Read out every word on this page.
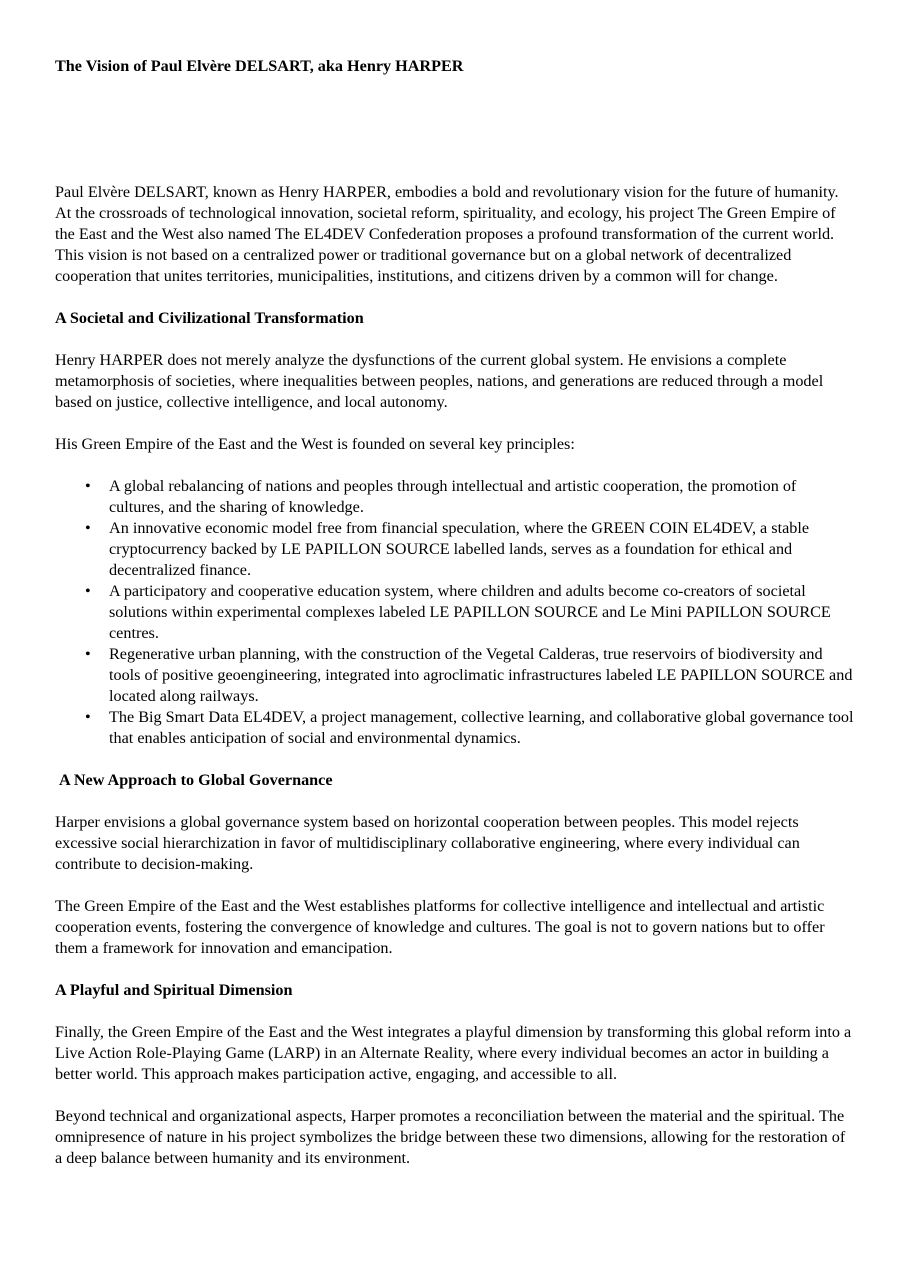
The Vision of Paul Elvère DELSART, aka Henry HARPER

Paul Elvère DELSART, known as Henry HARPER, embodies a bold and revolutionary vision for the future of humanity. At the crossroads of technological innovation, societal reform, spirituality, and ecology, his project The Green Empire of the East and the West also named The EL4DEV Confederation proposes a profound transformation of the current world. This vision is not based on a centralized power or traditional governance but on a global network of decentralized cooperation that unites territories, municipalities, institutions, and citizens driven by a common will for change.

A Societal and Civilizational Transformation

Henry HARPER does not merely analyze the dysfunctions of the current global system. He envisions a complete metamorphosis of societies, where inequalities between peoples, nations, and generations are reduced through a model based on justice, collective intelligence, and local autonomy.

His Green Empire of the East and the West is founded on several key principles:

• A global rebalancing of nations and peoples through intellectual and artistic cooperation, the promotion of cultures, and the sharing of knowledge.
• An innovative economic model free from financial speculation, where the GREEN COIN EL4DEV, a stable cryptocurrency backed by LE PAPILLON SOURCE labelled lands, serves as a foundation for ethical and decentralized finance.
• A participatory and cooperative education system, where children and adults become co-creators of societal solutions within experimental complexes labeled LE PAPILLON SOURCE and Le Mini PAPILLON SOURCE centres.
• Regenerative urban planning, with the construction of the Vegetal Calderas, true reservoirs of biodiversity and tools of positive geoengineering, integrated into agroclimatic infrastructures labeled LE PAPILLON SOURCE and located along railways.
• The Big Smart Data EL4DEV, a project management, collective learning, and collaborative global governance tool that enables anticipation of social and environmental dynamics.
A New Approach to Global Governance

Harper envisions a global governance system based on horizontal cooperation between peoples. This model rejects excessive social hierarchization in favor of multidisciplinary collaborative engineering, where every individual can contribute to decision-making.

The Green Empire of the East and the West establishes platforms for collective intelligence and intellectual and artistic cooperation events, fostering the convergence of knowledge and cultures. The goal is not to govern nations but to offer them a framework for innovation and emancipation.

A Playful and Spiritual Dimension

Finally, the Green Empire of the East and the West integrates a playful dimension by transforming this global reform into a Live Action Role-Playing Game (LARP) in an Alternate Reality, where every individual becomes an actor in building a better world. This approach makes participation active, engaging, and accessible to all.

Beyond technical and organizational aspects, Harper promotes a reconciliation between the material and the spiritual. The omnipresence of nature in his project symbolizes the bridge between these two dimensions, allowing for the restoration of a deep balance between humanity and its environment.
